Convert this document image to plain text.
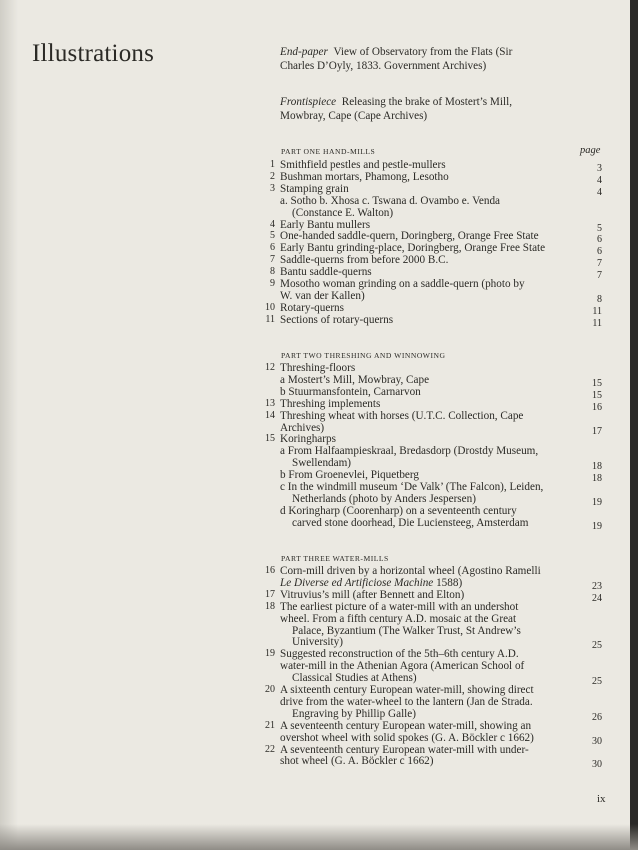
Illustrations	End-paper View of Observatory from the Flats (Sir
Charles D’Oyly, 1833. Government Archives)
Frontispiece Releasing the brake of Mostert’s Mill,
Mowbray, Cape (Cape Archives)
page
PART ONE HAND-MILLS
1 Smithfield pestles and pestle-mullers	3
2 Bushman mortars, Phamong, Lesotho	4
3 Stamping grain	4
a. Sotho b. Xhosa c. Tswana d. Ovambo e. Venda
(Constance E. Walton)
4 Early Bantu mullers	5
5 One-handed saddle-quern, Doringberg, Orange Free State	6
6 Early Bantu grinding-place, Doringberg, Orange Free State	6
7 Saddle-querns from before 2000 B.C.	7
8 Bantu saddle-querns	7
9 Mosotho woman grinding on a saddle-quern (photo by
W. van der Kallen)	8
10 Rotary-querns	11
11 Sections of rotary-querns	11
PART TWO THRESHING AND WINNOWING
12 Threshing-floors
a Mostert’s Mill, Mowbray, Cape	15
b Stuurmansfontein, Carnarvon	15
13 Threshing implements	16
14 Threshing wheat with horses (U.T.C. Collection, Cape
Archives)	17
15 Koringharps
a From Halfaampieskraal, Bredasdorp (Drostdy Museum,
Swellendam)	18
b From Groenevlei, Piquetberg	18
c In the windmill museum ‘De Valk’ (The Falcon), Leiden,
Netherlands (photo by Anders Jespersen)	19
d Koringharp (Coorenharp) on a seventeenth century
carved stone doorhead, Die Luciensteeg, Amsterdam	19
PART THREE WATER-MILLS
16 Corn-mill driven by a horizontal wheel (Agostino Ramelli
Le Diverse ed Artificiose Machine 1588)	23
17 Vitruvius’s mill (after Bennett and Elton)	24
18 The earliest picture of a water-mill with an undershot
wheel. From a fifth century A.D. mosaic at the Great
Palace, Byzantium (The Walker Trust, St Andrew’s
University)	25
19 Suggested reconstruction of the 5th–6th century A.D.
water-mill in the Athenian Agora (American School of
Classical Studies at Athens)	25
20 A sixteenth century European water-mill, showing direct
drive from the water-wheel to the lantern (Jan de Strada.
Engraving by Phillip Galle)	26
21 A seventeenth century European water-mill, showing an
overshot wheel with solid spokes (G. A. Böckler c 1662)	30
22 A seventeenth century European water-mill with under-
shot wheel (G. A. Böckler c 1662)	30
ix
